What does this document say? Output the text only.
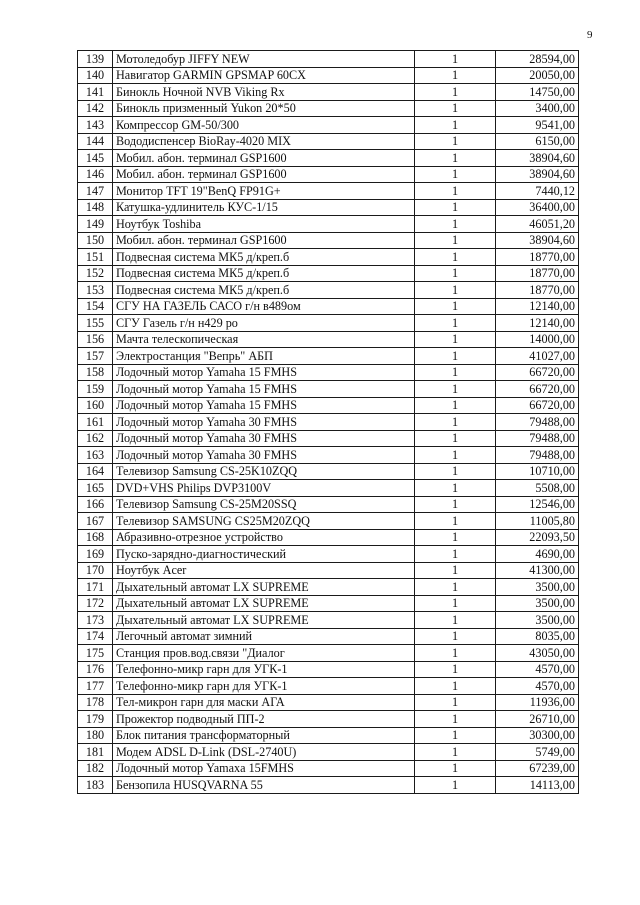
9
139	Мотоледобур JIFFY NEW	1	28594,00
140	Навигатор GARMIN GPSMAP 60CX	1	20050,00
141	Бинокль Ночной NVB Viking Rx	1	14750,00
142	Бинокль призменный Yukon 20*50	1	3400,00
143	Компрессор GM-50/300	1	9541,00
144	Вододиспенсер BioRay-4020 MIX	1	6150,00
145	Мобил. абон. терминал GSP1600	1	38904,60
146	Мобил. абон. терминал GSP1600	1	38904,60
147	Монитор TFT 19"BenQ FP91G+	1	7440,12
148	Катушка-удлинитель КУС-1/15	1	36400,00
149	Ноутбук Toshiba	1	46051,20
150	Мобил. абон. терминал GSP1600	1	38904,60
151	Подвесная система МК5 д/креп.б	1	18770,00
152	Подвесная система МК5 д/креп.б	1	18770,00
153	Подвесная система МК5 д/креп.б	1	18770,00
154	СГУ НА ГАЗЕЛЬ САСО г/н в489ом	1	12140,00
155	СГУ Газель г/н н429 ро	1	12140,00
156	Мачта телескопическая	1	14000,00
157	Электростанция "Вепрь" АБП	1	41027,00
158	Лодочный мотор Yamaha 15 FMHS	1	66720,00
159	Лодочный мотор Yamaha 15 FMHS	1	66720,00
160	Лодочный мотор Yamaha 15 FMHS	1	66720,00
161	Лодочный мотор Yamaha 30 FMHS	1	79488,00
162	Лодочный мотор Yamaha 30 FMHS	1	79488,00
163	Лодочный мотор Yamaha 30 FMHS	1	79488,00
164	Телевизор Samsung CS-25K10ZQQ	1	10710,00
165	DVD+VHS Philips DVP3100V	1	5508,00
166	Телевизор Samsung CS-25M20SSQ	1	12546,00
167	Телевизор SAMSUNG CS25M20ZQQ	1	11005,80
168	Абразивно-отрезное устройство	1	22093,50
169	Пуско-зарядно-диагностический	1	4690,00
170	Ноутбук Acer	1	41300,00
171	Дыхательный автомат LX SUPREME	1	3500,00
172	Дыхательный автомат LX SUPREME	1	3500,00
173	Дыхательный автомат LX SUPREME	1	3500,00
174	Легочный автомат зимний	1	8035,00
175	Станция пров.вод.связи "Диалог	1	43050,00
176	Телефонно-микр гарн для УГК-1	1	4570,00
177	Телефонно-микр гарн для УГК-1	1	4570,00
178	Тел-микрон гарн для маски АГА	1	11936,00
179	Прожектор подводный ПП-2	1	26710,00
180	Блок питания трансформаторный	1	30300,00
181	Модем ADSL D-Link (DSL-2740U)	1	5749,00
182	Лодочный мотор Yamaxa 15FMHS	1	67239,00
183	Бензопила HUSQVARNA 55	1	14113,00
